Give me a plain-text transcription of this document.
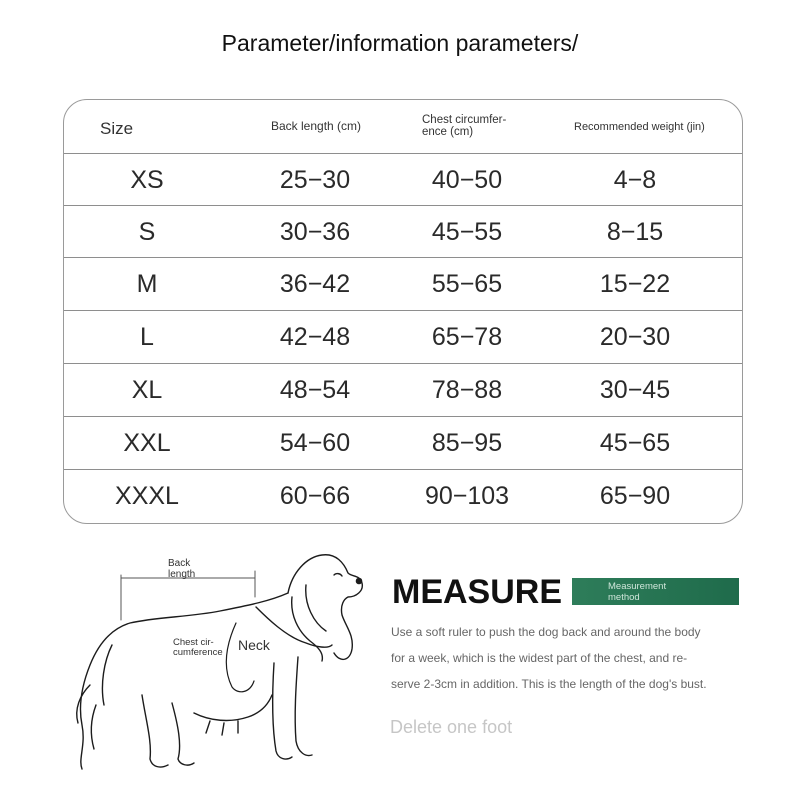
Parameter/information parameters/
Size	Back length (cm)	Chest circumfer-
ence (cm)	Recommended weight (jin)
XS	25−30	40−50	4−8
S	30−36	45−55	8−15
M	36−42	55−65	15−22
L	42−48	65−78	20−30
XL	48−54	78−88	30−45
XXL	54−60	85−95	45−65
XXXL	60−66	90−103	65−90
Back
length
Chest cir-
cumference Neck
MEASURE	Measurement
method
Use a soft ruler to push the dog back and around the body
for a week, which is the widest part of the chest, and re-
serve 2-3cm in addition. This is the length of the dog's bust.
Delete one foot
